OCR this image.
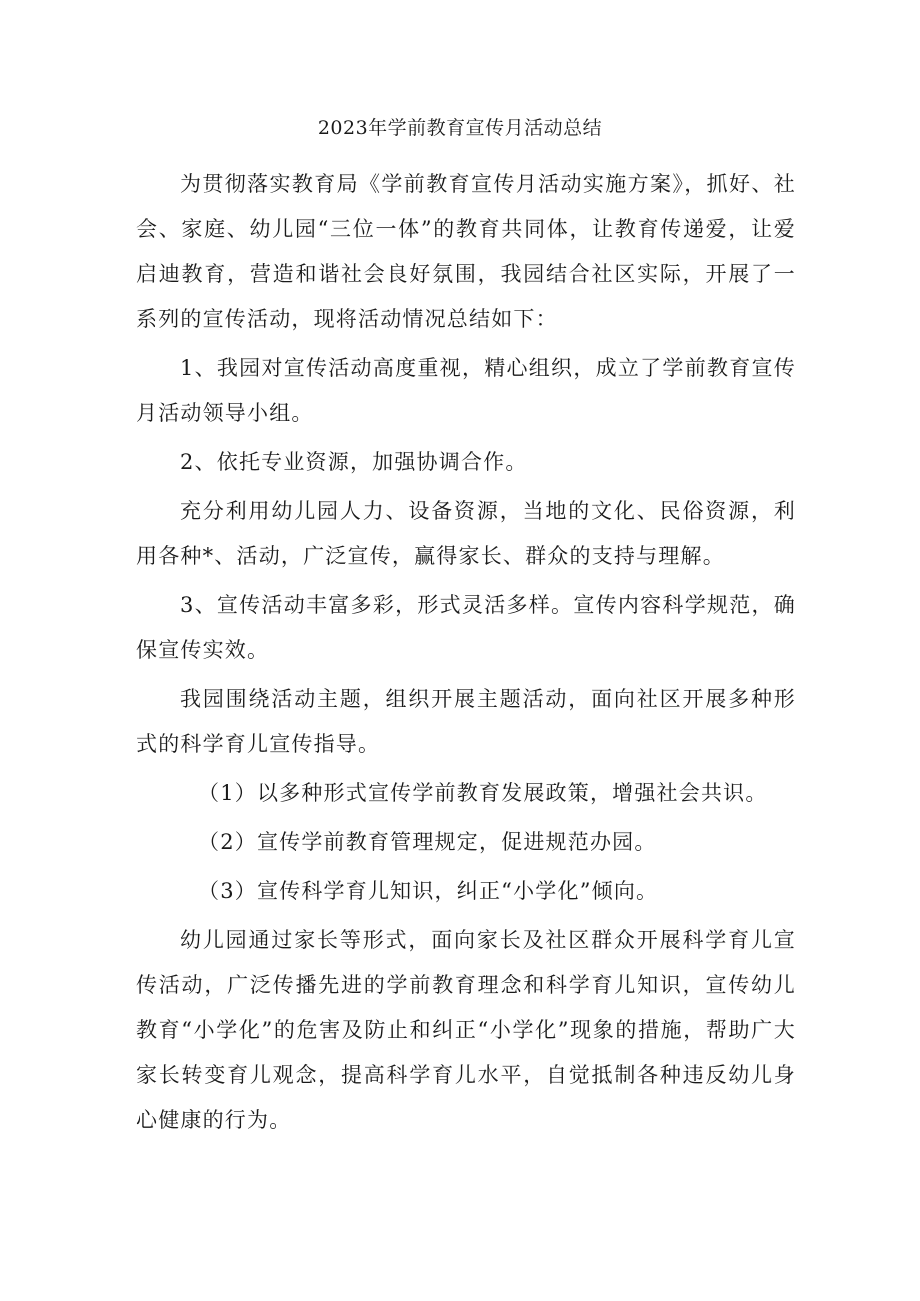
2023年学前教育宣传月活动总结

为贯彻落实教育局《学前教育宣传月活动实施方案》，抓好、社会、家庭、幼儿园“三位一体”的教育共同体，让教育传递爱，让爱启迪教育，营造和谐社会良好氛围，我园结合社区实际，开展了一系列的宣传活动，现将活动情况总结如下：

1、我园对宣传活动高度重视，精心组织，成立了学前教育宣传月活动领导小组。

2、依托专业资源，加强协调合作。

充分利用幼儿园人力、设备资源，当地的文化、民俗资源，利用各种*、活动，广泛宣传，赢得家长、群众的支持与理解。

3、宣传活动丰富多彩，形式灵活多样。宣传内容科学规范，确保宣传实效。

我园围绕活动主题，组织开展主题活动，面向社区开展多种形式的科学育儿宣传指导。

（1）以多种形式宣传学前教育发展政策，增强社会共识。

（2）宣传学前教育管理规定，促进规范办园。

（3）宣传科学育儿知识，纠正“小学化”倾向。

幼儿园通过家长等形式，面向家长及社区群众开展科学育儿宣传活动，广泛传播先进的学前教育理念和科学育儿知识，宣传幼儿教育“小学化”的危害及防止和纠正“小学化”现象的措施，帮助广大家长转变育儿观念，提高科学育儿水平，自觉抵制各种违反幼儿身心健康的行为。
